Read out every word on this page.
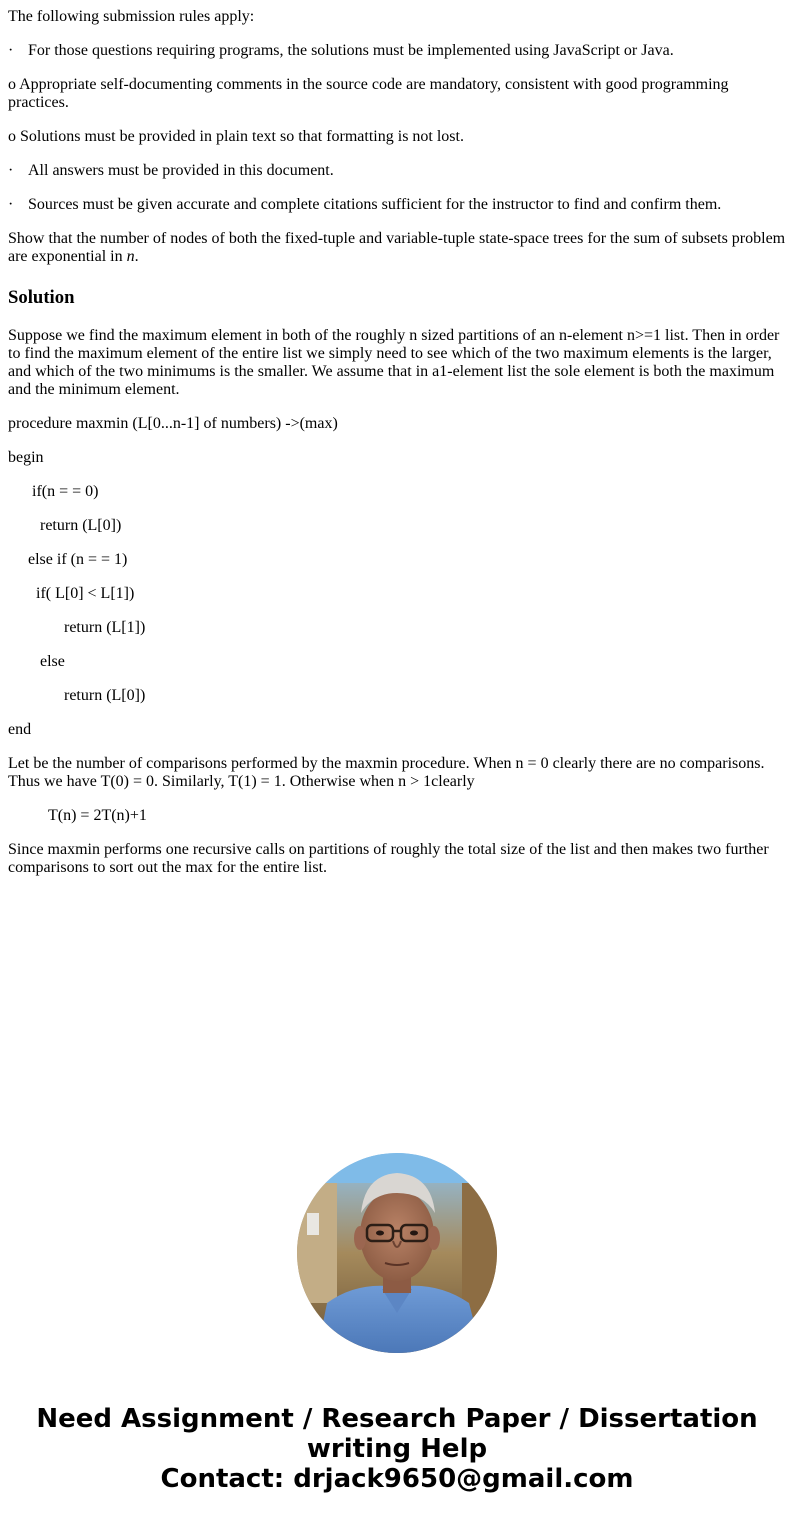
The following submission rules apply:

· For those questions requiring programs, the solutions must be implemented using JavaScript or Java.

o Appropriate self-documenting comments in the source code are mandatory, consistent with good programming practices.

o Solutions must be provided in plain text so that formatting is not lost.

· All answers must be provided in this document.

· Sources must be given accurate and complete citations sufficient for the instructor to find and confirm them.

Show that the number of nodes of both the fixed-tuple and variable-tuple state-space trees for the sum of subsets problem are exponential in n.

Solution

Suppose we find the maximum element in both of the roughly n sized partitions of an n-element n>=1 list. Then in order to find the maximum element of the entire list we simply need to see which of the two maximum elements is the larger, and which of the two minimums is the smaller. We assume that in a1-element list the sole element is both the maximum and the minimum element.

procedure maxmin (L[0...n-1] of numbers) ->(max)

begin

if(n = = 0)

return (L[0])

else if (n = = 1)

if( L[0] < L[1])

return (L[1])

else

return (L[0])

end

Let be the number of comparisons performed by the maxmin procedure. When n = 0 clearly there are no comparisons. Thus we have T(0) = 0. Similarly, T(1) = 1. Otherwise when n > 1clearly

T(n) = 2T(n)+1

Since maxmin performs one recursive calls on partitions of roughly the total size of the list and then makes two further comparisons to sort out the max for the entire list.

Need Assignment / Research Paper / Dissertation
writing Help
Contact: drjack9650@gmail.com
